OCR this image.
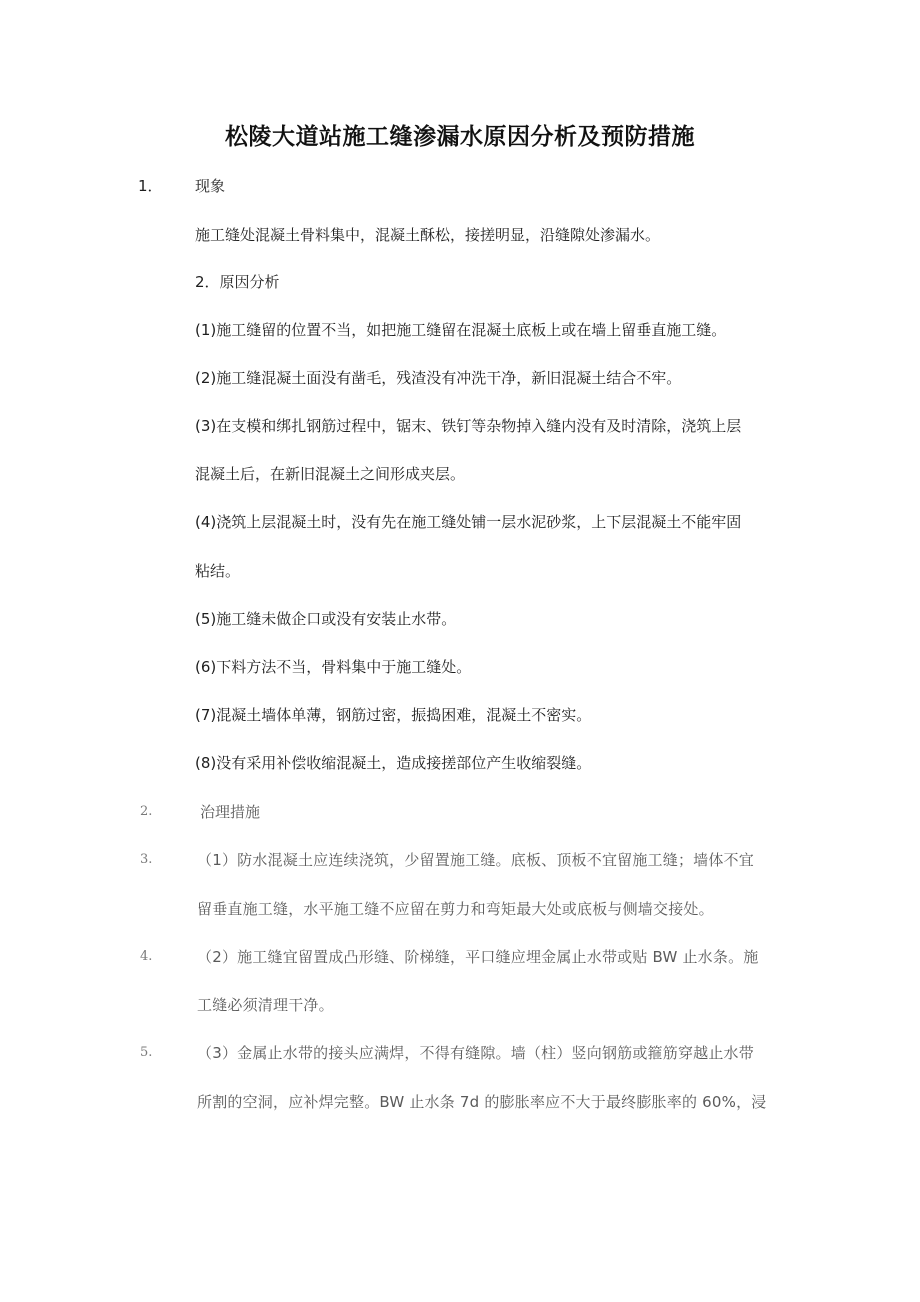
松陵大道站施工缝渗漏水原因分析及预防措施
1． 现象
施工缝处混凝土骨料集中，混凝土酥松，接搓明显，沿缝隙处渗漏水。
2．原因分析
(1)施工缝留的位置不当，如把施工缝留在混凝土底板上或在墙上留垂直施工缝。
(2)施工缝混凝土面没有凿毛，残渣没有冲洗干净，新旧混凝土结合不牢。
(3)在支模和绑扎钢筋过程中，锯末、铁钉等杂物掉入缝内没有及时清除，浇筑上层
混凝土后，在新旧混凝土之间形成夹层。
(4)浇筑上层混凝土时，没有先在施工缝处铺一层水泥砂浆，上下层混凝土不能牢固
粘结。
(5)施工缝未做企口或没有安装止水带。
(6)下料方法不当，骨料集中于施工缝处。
(7)混凝土墙体单薄，钢筋过密，振捣困难，混凝土不密实。
(8)没有采用补偿收缩混凝土，造成接搓部位产生收缩裂缝。
2.	治理措施
3.	（1）防水混凝土应连续浇筑，少留置施工缝。底板、顶板不宜留施工缝；墙体不宜
留垂直施工缝，水平施工缝不应留在剪力和弯矩最大处或底板与侧墙交接处。
4.	（2）施工缝宜留置成凸形缝、阶梯缝，平口缝应埋金属止水带或贴 BW 止水条。施
工缝必须清理干净。
5.	（3）金属止水带的接头应满焊，不得有缝隙。墙（柱）竖向钢筋或箍筋穿越止水带
所割的空洞，应补焊完整。BW 止水条 7d 的膨胀率应不大于最终膨胀率的 60%，浸
